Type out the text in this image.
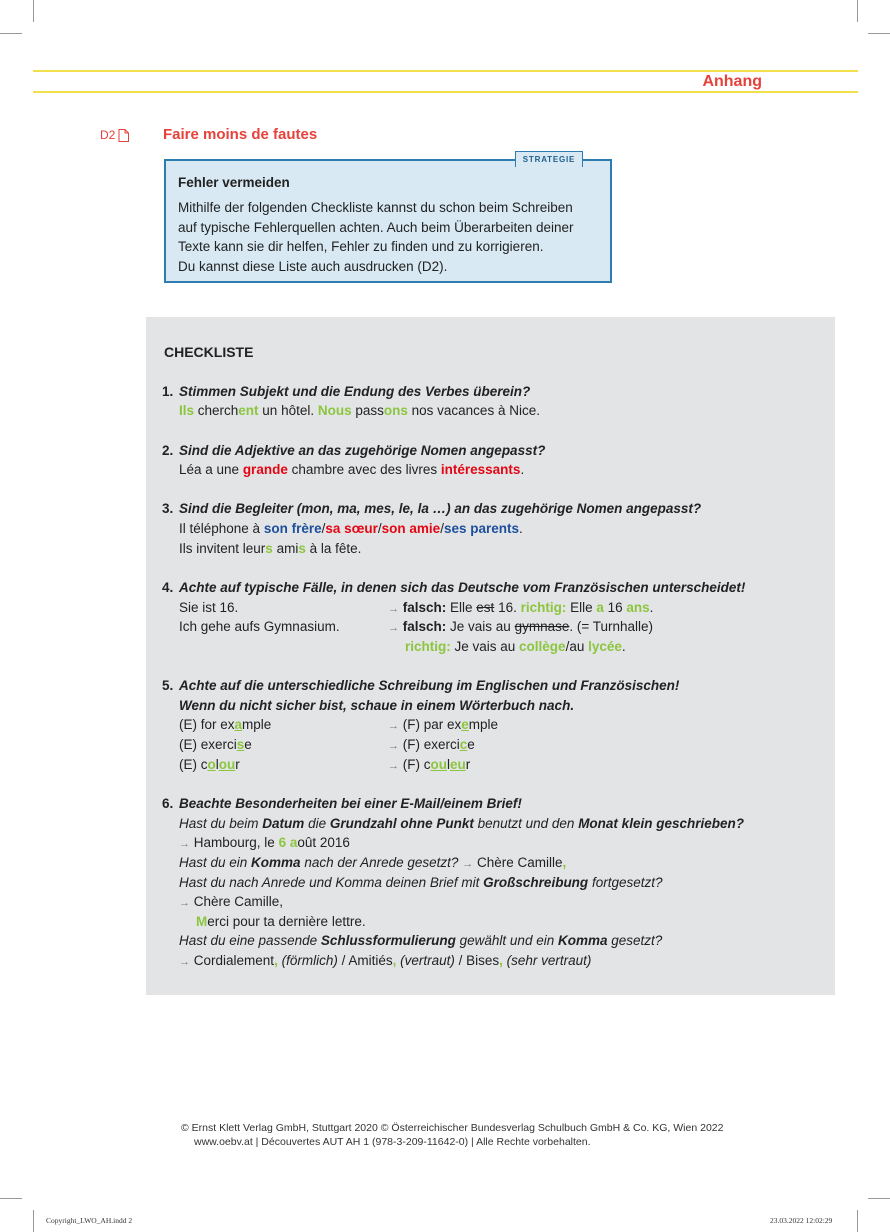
Anhang
D2	Faire moins de fautes
Fehler vermeiden
Mithilfe der folgenden Checkliste kannst du schon beim Schreiben
auf typische Fehlerquellen achten. Auch beim Überarbeiten deiner
Texte kann sie dir helfen, Fehler zu finden und zu korrigieren.
Du kannst diese Liste auch ausdrucken (D2).
STRATEGIE
CHECKLISTE
1. Stimmen Subjekt und die Endung des Verbes überein?
Ils cherchent un hôtel. Nous passons nos vacances à Nice.
2. Sind die Adjektive an das zugehörige Nomen angepasst?
Léa a une grande chambre avec des livres intéressants.
3. Sind die Begleiter (mon, ma, mes, le, la …) an das zugehörige Nomen angepasst?
Il téléphone à son frère/sa sœur/son amie/ses parents.
Ils invitent leurs amis à la fête.
4. Achte auf typische Fälle, in denen sich das Deutsche vom Französischen unterscheidet!
Sie ist 16.	→ falsch: Elle est 16. richtig: Elle a 16 ans.
Ich gehe aufs Gymnasium.	→ falsch: Je vais au gymnase. (= Turnhalle)
richtig: Je vais au collège/au lycée.
5. Achte auf die unterschiedliche Schreibung im Englischen und Französischen!
Wenn du nicht sicher bist, schaue in einem Wörterbuch nach.
(E) for example	→ (F) par exemple
(E) exercise	→ (F) exercice
(E) colour	→ (F) couleur
6. Beachte Besonderheiten bei einer E-Mail/einem Brief!
Hast du beim Datum die Grundzahl ohne Punkt benutzt und den Monat klein geschrieben?
→ Hambourg, le 6 août 2016
Hast du ein Komma nach der Anrede gesetzt? → Chère Camille,
Hast du nach Anrede und Komma deinen Brief mit Großschreibung fortgesetzt?
→ Chère Camille,
Merci pour ta dernière lettre.
Hast du eine passende Schlussformulierung gewählt und ein Komma gesetzt?
→ Cordialement, (förmlich) / Amitiés, (vertraut) / Bises, (sehr vertraut)
© Ernst Klett Verlag GmbH, Stuttgart 2020 © Österreichischer Bundesverlag Schulbuch GmbH & Co. KG, Wien 2022
www.oebv.at | Découvertes AUT AH 1 (978-3-209-11642-0) | Alle Rechte vorbehalten.
Copyright_LWO_AH.indd 2	23.03.2022 12:02:29
